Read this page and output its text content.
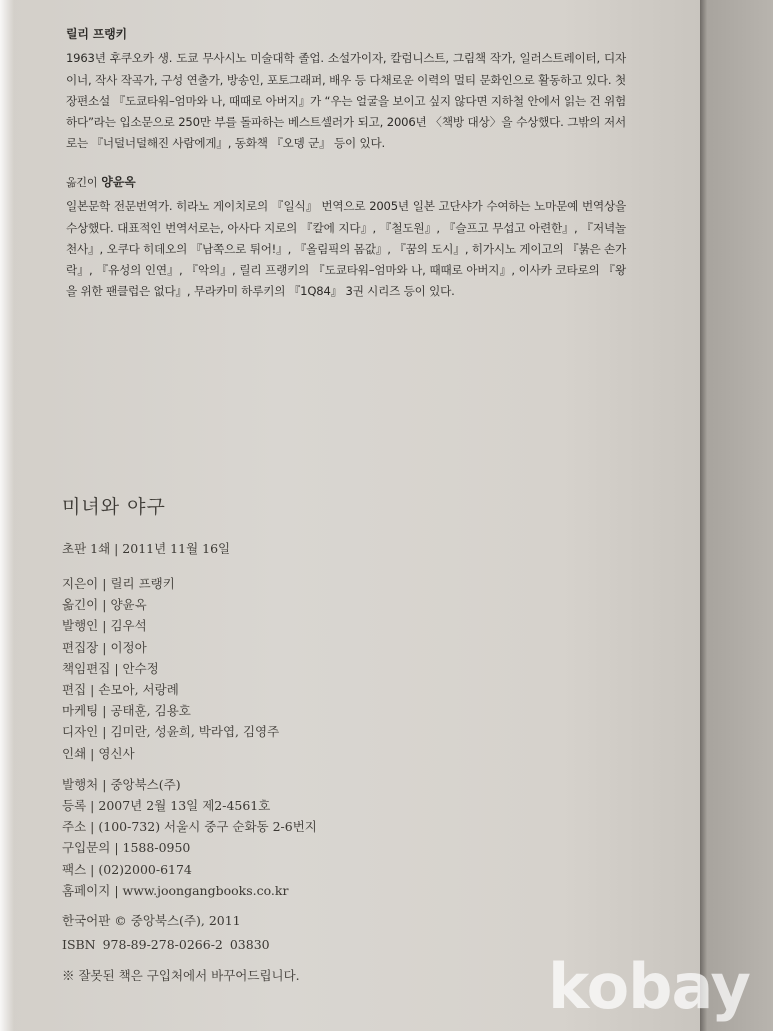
릴리 프랭키

1963년 후쿠오카 생. 도쿄 무사시노 미술대학 졸업. 소설가이자, 칼럼니스트, 그림책 작가, 일러스트레이터, 디자이너, 작사 작곡가, 구성 연출가, 방송인, 포토그래퍼, 배우 등 다채로운 이력의 멀티 문화인으로 활동하고 있다. 첫 장편소설 『도쿄타워–엄마와 나, 때때로 아버지』가 “우는 얼굴을 보이고 싶지 않다면 지하철 안에서 읽는 건 위험하다”라는 입소문으로 250만 부를 돌파하는 베스트셀러가 되고, 2006년 〈책방 대상〉을 수상했다. 그밖의 저서로는 『너덜너덜해진 사람에게』, 동화책 『오뎅 군』 등이 있다.

옮긴이 양윤옥

일본문학 전문번역가. 히라노 게이치로의 『일식』 번역으로 2005년 일본 고단샤가 수여하는 노마문예 번역상을 수상했다. 대표적인 번역서로는, 아사다 지로의 『칼에 지다』, 『철도원』, 『슬프고 무섭고 아련한』, 『저녁놀 천사』, 오쿠다 히데오의 『남쪽으로 튀어!』, 『올림픽의 몸값』, 『꿈의 도시』, 히가시노 게이고의 『붉은 손가락』, 『유성의 인연』, 『악의』, 릴리 프랭키의 『도쿄타워–엄마와 나, 때때로 아버지』, 이사카 코타로의 『왕을 위한 팬클럽은 없다』, 무라카미 하루키의 『1Q84』 3권 시리즈 등이 있다.

미녀와 야구
초판 1쇄 | 2011년 11월 16일
지은이 | 릴리 프랭키
옮긴이 | 양윤옥
발행인 | 김우석
편집장 | 이정아
책임편집 | 안수정
편집 | 손모아, 서랑례
마케팅 | 공태훈, 김용호
디자인 | 김미란, 성윤희, 박라엽, 김영주
인쇄 | 영신사
발행처 | 중앙북스(주)
등록 | 2007년 2월 13일 제2-4561호
주소 | (100-732) 서울시 중구 순화동 2-6번지
구입문의 | 1588-0950
팩스 | (02)2000-6174
홈페이지 | www.joongangbooks.co.kr
한국어판 © 중앙북스(주), 2011
ISBN 978-89-278-0266-2 03830
※ 잘못된 책은 구입처에서 바꾸어드립니다.	kobay
